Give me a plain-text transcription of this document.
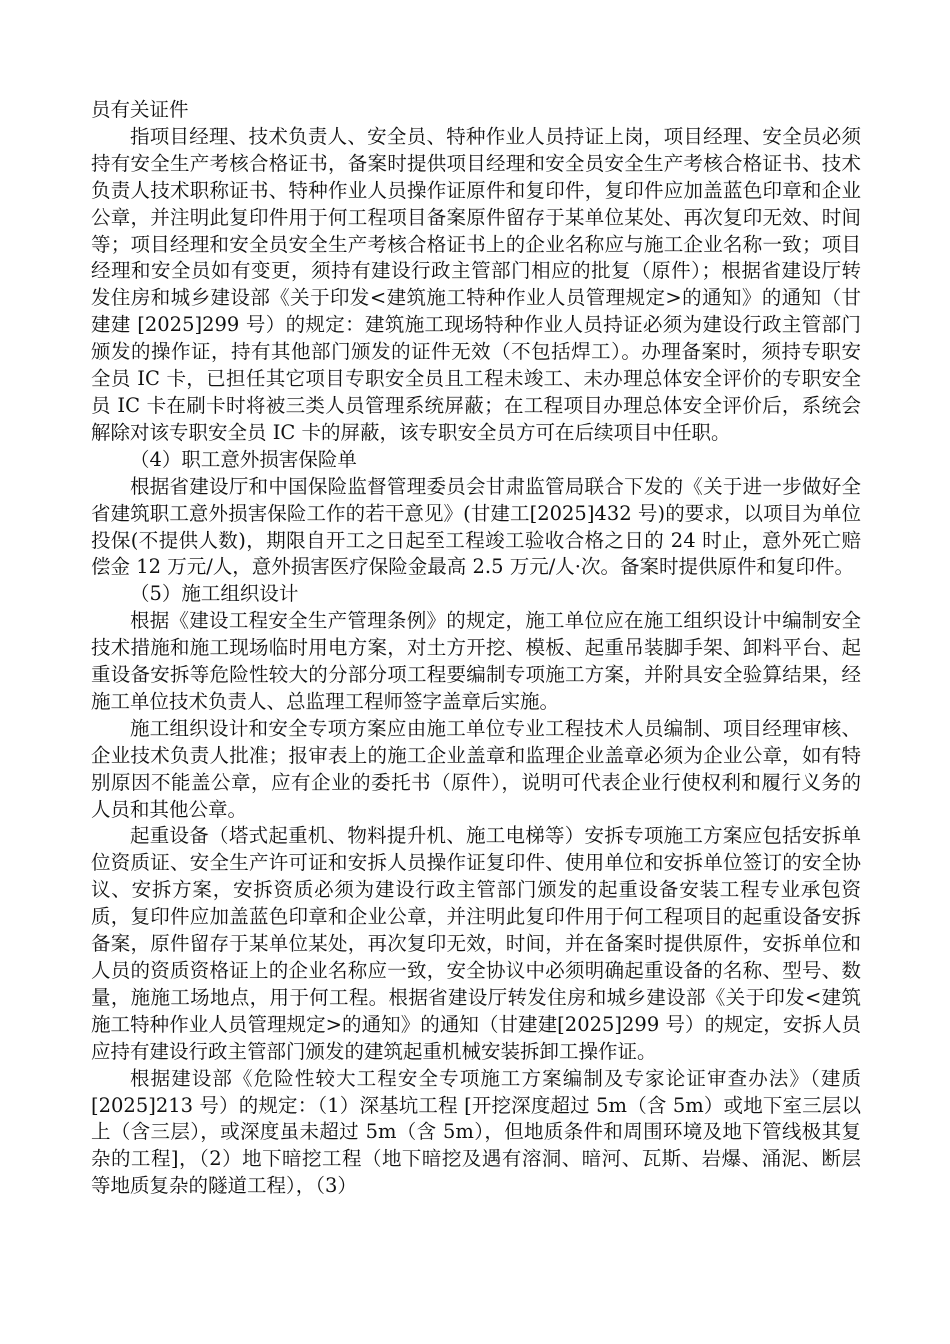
员有关证件

指项目经理、技术负责人、安全员、特种作业人员持证上岗，项目经理、安全员必须持有安全生产考核合格证书，备案时提供项目经理和安全员安全生产考核合格证书、技术负责人技术职称证书、特种作业人员操作证原件和复印件，复印件应加盖蓝色印章和企业公章，并注明此复印件用于何工程项目备案原件留存于某单位某处、再次复印无效、时间等；项目经理和安全员安全生产考核合格证书上的企业名称应与施工企业名称一致；项目经理和安全员如有变更，须持有建设行政主管部门相应的批复（原件）；根据省建设厅转发住房和城乡建设部《关于印发<建筑施工特种作业人员管理规定>的通知》的通知（甘建建 [2025]299 号）的规定：建筑施工现场特种作业人员持证必须为建设行政主管部门颁发的操作证，持有其他部门颁发的证件无效（不包括焊工）。办理备案时，须持专职安全员 IC 卡，已担任其它项目专职安全员且工程未竣工、未办理总体安全评价的专职安全员 IC 卡在刷卡时将被三类人员管理系统屏蔽；在工程项目办理总体安全评价后，系统会解除对该专职安全员 IC 卡的屏蔽，该专职安全员方可在后续项目中任职。

（4）职工意外损害保险单

根据省建设厅和中国保险监督管理委员会甘肃监管局联合下发的《关于进一步做好全省建筑职工意外损害保险工作的若干意见》(甘建工[2025]432 号)的要求，以项目为单位投保(不提供人数)，期限自开工之日起至工程竣工验收合格之日的 24 时止，意外死亡赔偿金 12 万元/人，意外损害医疗保险金最高 2.5 万元/人·次。备案时提供原件和复印件。

（5）施工组织设计

根据《建设工程安全生产管理条例》的规定，施工单位应在施工组织设计中编制安全技术措施和施工现场临时用电方案，对土方开挖、模板、起重吊装脚手架、卸料平台、起重设备安拆等危险性较大的分部分项工程要编制专项施工方案，并附具安全验算结果，经施工单位技术负责人、总监理工程师签字盖章后实施。

施工组织设计和安全专项方案应由施工单位专业工程技术人员编制、项目经理审核、企业技术负责人批准；报审表上的施工企业盖章和监理企业盖章必须为企业公章，如有特别原因不能盖公章，应有企业的委托书（原件），说明可代表企业行使权利和履行义务的人员和其他公章。

起重设备（塔式起重机、物料提升机、施工电梯等）安拆专项施工方案应包括安拆单位资质证、安全生产许可证和安拆人员操作证复印件、使用单位和安拆单位签订的安全协议、安拆方案，安拆资质必须为建设行政主管部门颁发的起重设备安装工程专业承包资质，复印件应加盖蓝色印章和企业公章，并注明此复印件用于何工程项目的起重设备安拆备案，原件留存于某单位某处，再次复印无效，时间，并在备案时提供原件，安拆单位和人员的资质资格证上的企业名称应一致，安全协议中必须明确起重设备的名称、型号、数量，施施工场地点，用于何工程。根据省建设厅转发住房和城乡建设部《关于印发<建筑施工特种作业人员管理规定>的通知》的通知（甘建建[2025]299 号）的规定，安拆人员应持有建设行政主管部门颁发的建筑起重机械安装拆卸工操作证。

根据建设部《危险性较大工程安全专项施工方案编制及专家论证审查办法》（建质 [2025]213 号）的规定：（1）深基坑工程 [开挖深度超过 5m（含 5m）或地下室三层以上（含三层），或深度虽未超过 5m（含 5m），但地质条件和周围环境及地下管线极其复杂的工程]，（2）地下暗挖工程（地下暗挖及遇有溶洞、暗河、瓦斯、岩爆、涌泥、断层等地质复杂的隧道工程），（3）
